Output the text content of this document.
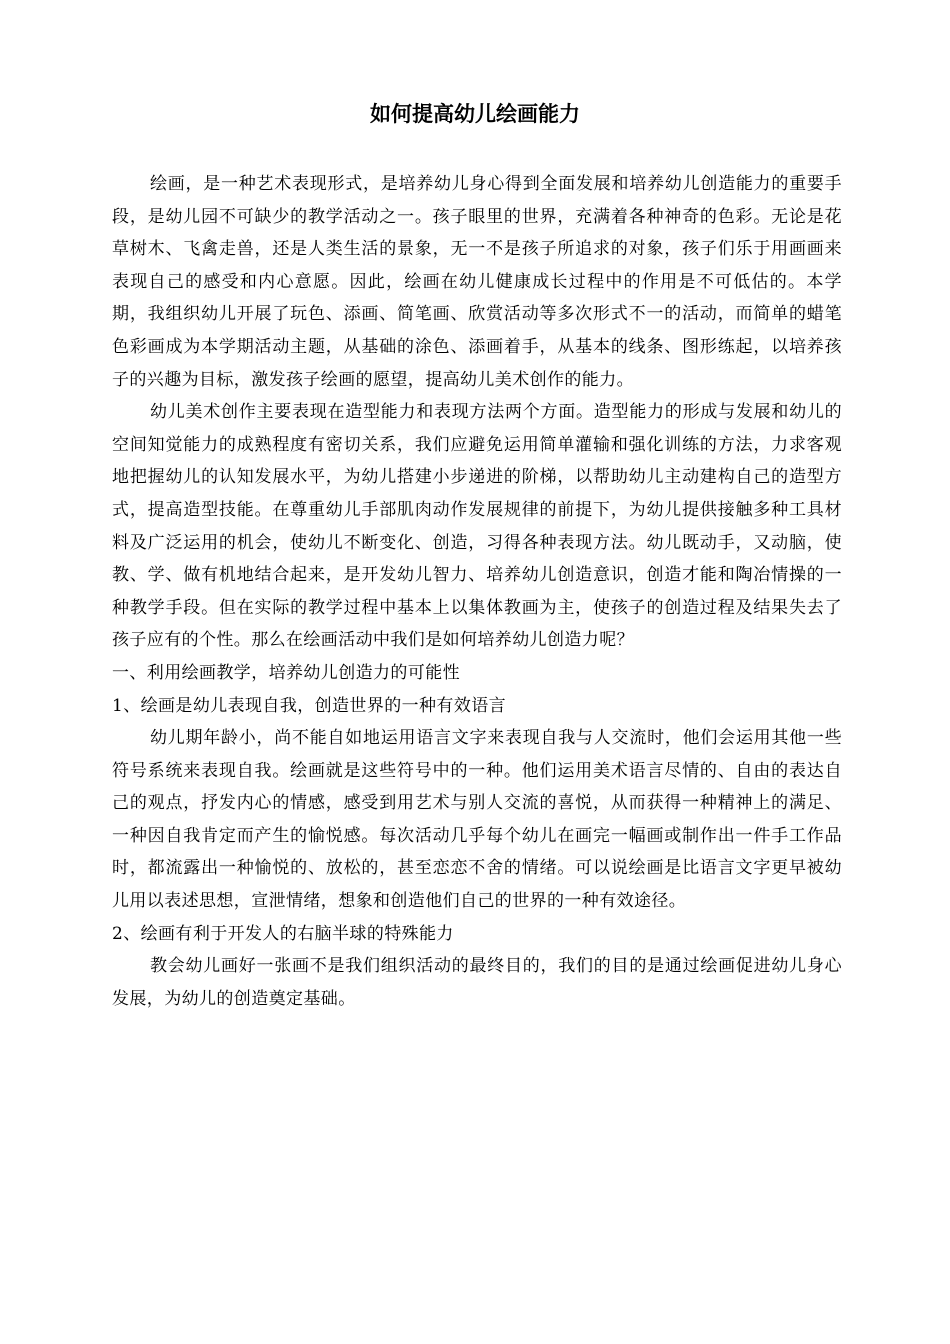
如何提高幼儿绘画能力

绘画，是一种艺术表现形式，是培养幼儿身心得到全面发展和培养幼儿创造能力的重要手段，是幼儿园不可缺少的教学活动之一。孩子眼里的世界，充满着各种神奇的色彩。无论是花草树木、飞禽走兽，还是人类生活的景象，无一不是孩子所追求的对象，孩子们乐于用画画来表现自己的感受和内心意愿。因此，绘画在幼儿健康成长过程中的作用是不可低估的。本学期，我组织幼儿开展了玩色、添画、简笔画、欣赏活动等多次形式不一的活动，而简单的蜡笔色彩画成为本学期活动主题，从基础的涂色、添画着手，从基本的线条、图形练起，以培养孩子的兴趣为目标，激发孩子绘画的愿望，提高幼儿美术创作的能力。

幼儿美术创作主要表现在造型能力和表现方法两个方面。造型能力的形成与发展和幼儿的空间知觉能力的成熟程度有密切关系，我们应避免运用简单灌输和强化训练的方法，力求客观地把握幼儿的认知发展水平，为幼儿搭建小步递进的阶梯，以帮助幼儿主动建构自己的造型方式，提高造型技能。在尊重幼儿手部肌肉动作发展规律的前提下，为幼儿提供接触多种工具材料及广泛运用的机会，使幼儿不断变化、创造，习得各种表现方法。幼儿既动手，又动脑，使教、学、做有机地结合起来，是开发幼儿智力、培养幼儿创造意识，创造才能和陶冶情操的一种教学手段。但在实际的教学过程中基本上以集体教画为主，使孩子的创造过程及结果失去了孩子应有的个性。那么在绘画活动中我们是如何培养幼儿创造力呢？

一、利用绘画教学，培养幼儿创造力的可能性

1、绘画是幼儿表现自我，创造世界的一种有效语言

幼儿期年龄小，尚不能自如地运用语言文字来表现自我与人交流时，他们会运用其他一些符号系统来表现自我。绘画就是这些符号中的一种。他们运用美术语言尽情的、自由的表达自己的观点，抒发内心的情感，感受到用艺术与别人交流的喜悦，从而获得一种精神上的满足、一种因自我肯定而产生的愉悦感。每次活动几乎每个幼儿在画完一幅画或制作出一件手工作品时，都流露出一种愉悦的、放松的，甚至恋恋不舍的情绪。可以说绘画是比语言文字更早被幼儿用以表述思想，宣泄情绪，想象和创造他们自己的世界的一种有效途径。

2、绘画有利于开发人的右脑半球的特殊能力

教会幼儿画好一张画不是我们组织活动的最终目的，我们的目的是通过绘画促进幼儿身心发展，为幼儿的创造奠定基础。
